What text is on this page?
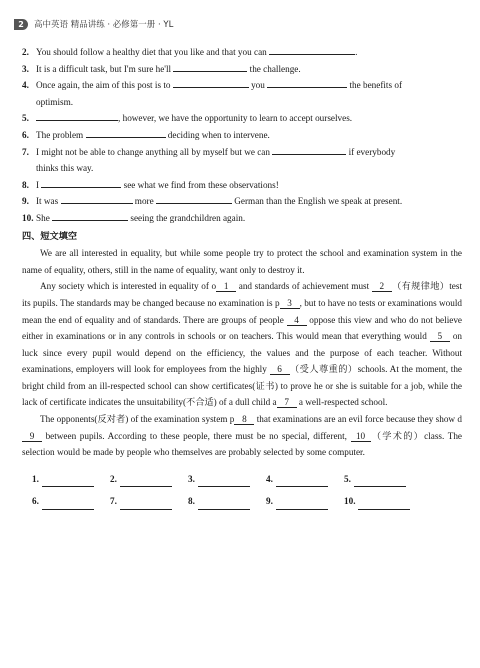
2	高中英语 精品讲练 · 必修第一册 · YL
2. You should follow a healthy diet that you like and that you can	.
3. It is a difficult task, but I'm sure he'll	the challenge.
4. Once again, the aim of this post is to	you	the benefits of
optimism.
5.	, however, we have the opportunity to learn to accept ourselves.
6. The problem	deciding when to intervene.
7. I might not be able to change anything all by myself but we can	if everybody
thinks this way.
8. I	see what we find from these observations!
9. It was	more	German than the English we speak at present.
10. She	seeing the grandchildren again.
四、短文填空
We are all interested in equality, but while some people try to protect the school and examination system in the name of equality, others, still in the name of equality, want only to destroy it.
Any society which is interested in equality of o 1 and standards of achievement must 2 （有规律地）test its pupils. The standards may be changed because no examination is p 3 , but to have no tests or examinations would mean the end of equality and of standards. There are groups of people 4 oppose this view and who do not believe either in examinations or in any controls in schools or on teachers. This would mean that everything would 5 on luck since every pupil would depend on the efficiency, the values and the purpose of each teacher. Without examinations, employers will look for employees from the highly 6 （受人尊重的）schools. At the moment, the bright child from an ill-respected school can show certificates(证书) to prove he or she is suitable for a job, while the lack of certificate indicates the unsuitability(不合适) of a dull child a 7 a well-respected school.
The opponents(反对者) of the examination system p 8 that examinations are an evil force because they show d9 between pupils. According to these people, there must be no special, different, 10 （学术的）class. The selection would be made by people who themselves are probably selected by some computer.
1.	2.	3.	4.	5.
6.	7.	8.	9.	10.
